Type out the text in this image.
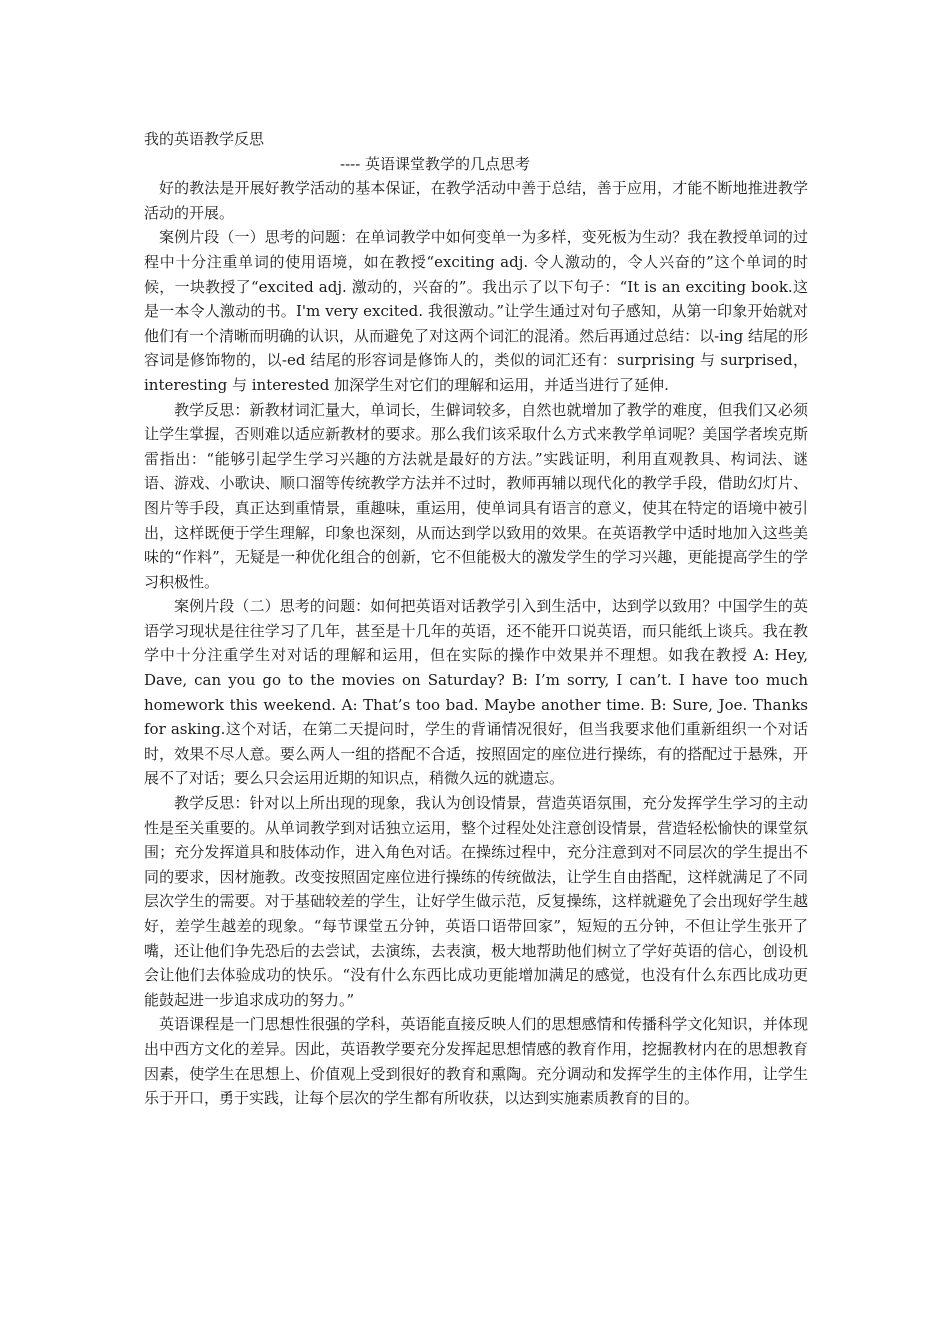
我的英语教学反思

---- 英语课堂教学的几点思考

好的教法是开展好教学活动的基本保证，在教学活动中善于总结，善于应用，才能不断地推进教学活动的开展。

案例片段（一）思考的问题：在单词教学中如何变单一为多样，变死板为生动？我在教授单词的过程中十分注重单词的使用语境，如在教授“exciting adj. 令人激动的，令人兴奋的”这个单词的时候，一块教授了“excited adj. 激动的，兴奋的”。我出示了以下句子：“It is an exciting book.这是一本令人激动的书。I'm very excited. 我很激动。”让学生通过对句子感知，从第一印象开始就对他们有一个清晰而明确的认识，从而避免了对这两个词汇的混淆。然后再通过总结：以-ing 结尾的形容词是修饰物的，以-ed 结尾的形容词是修饰人的，类似的词汇还有：surprising 与 surprised，interesting 与 interested 加深学生对它们的理解和运用，并适当进行了延伸.

教学反思：新教材词汇量大，单词长，生僻词较多，自然也就增加了教学的难度，但我们又必须让学生掌握，否则难以适应新教材的要求。那么我们该采取什么方式来教学单词呢？美国学者埃克斯雷指出：“能够引起学生学习兴趣的方法就是最好的方法。”实践证明，利用直观教具、构词法、谜语、游戏、小歌诀、顺口溜等传统教学方法并不过时，教师再辅以现代化的教学手段，借助幻灯片、图片等手段，真正达到重情景，重趣味，重运用，使单词具有语言的意义，使其在特定的语境中被引出，这样既便于学生理解，印象也深刻，从而达到学以致用的效果。在英语教学中适时地加入这些美味的“作料”，无疑是一种优化组合的创新，它不但能极大的激发学生的学习兴趣，更能提高学生的学习积极性。

案例片段（二）思考的问题：如何把英语对话教学引入到生活中，达到学以致用？中国学生的英语学习现状是往往学习了几年，甚至是十几年的英语，还不能开口说英语，而只能纸上谈兵。我在教学中十分注重学生对对话的理解和运用，但在实际的操作中效果并不理想。如我在教授 A: Hey, Dave, can you go to the movies on Saturday? B: I’m sorry, I can’t. I have too much homework this weekend. A: That’s too bad. Maybe another time. B: Sure, Joe. Thanks for asking.这个对话，在第二天提问时，学生的背诵情况很好，但当我要求他们重新组织一个对话时，效果不尽人意。要么两人一组的搭配不合适，按照固定的座位进行操练，有的搭配过于悬殊，开展不了对话；要么只会运用近期的知识点，稍微久远的就遗忘。

教学反思：针对以上所出现的现象，我认为创设情景，营造英语氛围，充分发挥学生学习的主动性是至关重要的。从单词教学到对话独立运用，整个过程处处注意创设情景，营造轻松愉快的课堂氛围；充分发挥道具和肢体动作，进入角色对话。在操练过程中，充分注意到对不同层次的学生提出不同的要求，因材施教。改变按照固定座位进行操练的传统做法，让学生自由搭配，这样就满足了不同层次学生的需要。对于基础较差的学生，让好学生做示范，反复操练，这样就避免了会出现好学生越好，差学生越差的现象。“每节课堂五分钟，英语口语带回家”，短短的五分钟，不但让学生张开了嘴，还让他们争先恐后的去尝试，去演练，去表演，极大地帮助他们树立了学好英语的信心，创设机会让他们去体验成功的快乐。“没有什么东西比成功更能增加满足的感觉，也没有什么东西比成功更能鼓起进一步追求成功的努力。”

英语课程是一门思想性很强的学科，英语能直接反映人们的思想感情和传播科学文化知识，并体现出中西方文化的差异。因此，英语教学要充分发挥起思想情感的教育作用，挖掘教材内在的思想教育因素，使学生在思想上、价值观上受到很好的教育和熏陶。充分调动和发挥学生的主体作用，让学生乐于开口，勇于实践，让每个层次的学生都有所收获，以达到实施素质教育的目的。
